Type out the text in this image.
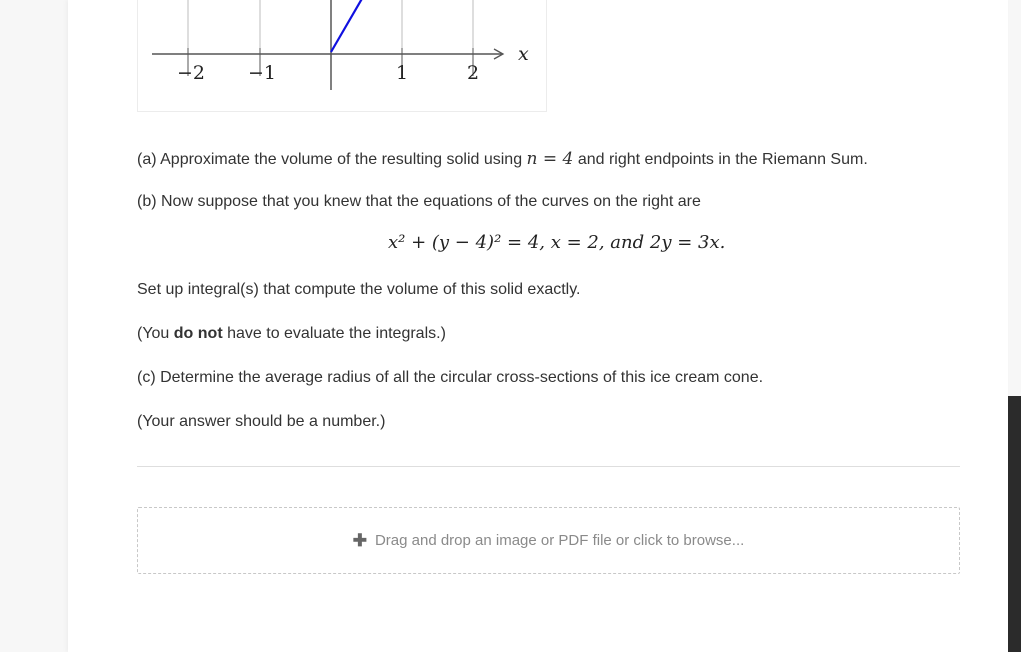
−2 −1	1	2
x
(a) Approximate the volume of the resulting solid using n = 4 and right endpoints in the Riemann Sum.
(b) Now suppose that you knew that the equations of the curves on the right are
x² + (y − 4)² = 4, x = 2, and 2y = 3x.
Set up integral(s) that compute the volume of this solid exactly.
(You do not have to evaluate the integrals.)
(c) Determine the average radius of all the circular cross-sections of this ice cream cone.
(Your answer should be a number.)
✚ Drag and drop an image or PDF file or click to browse...
